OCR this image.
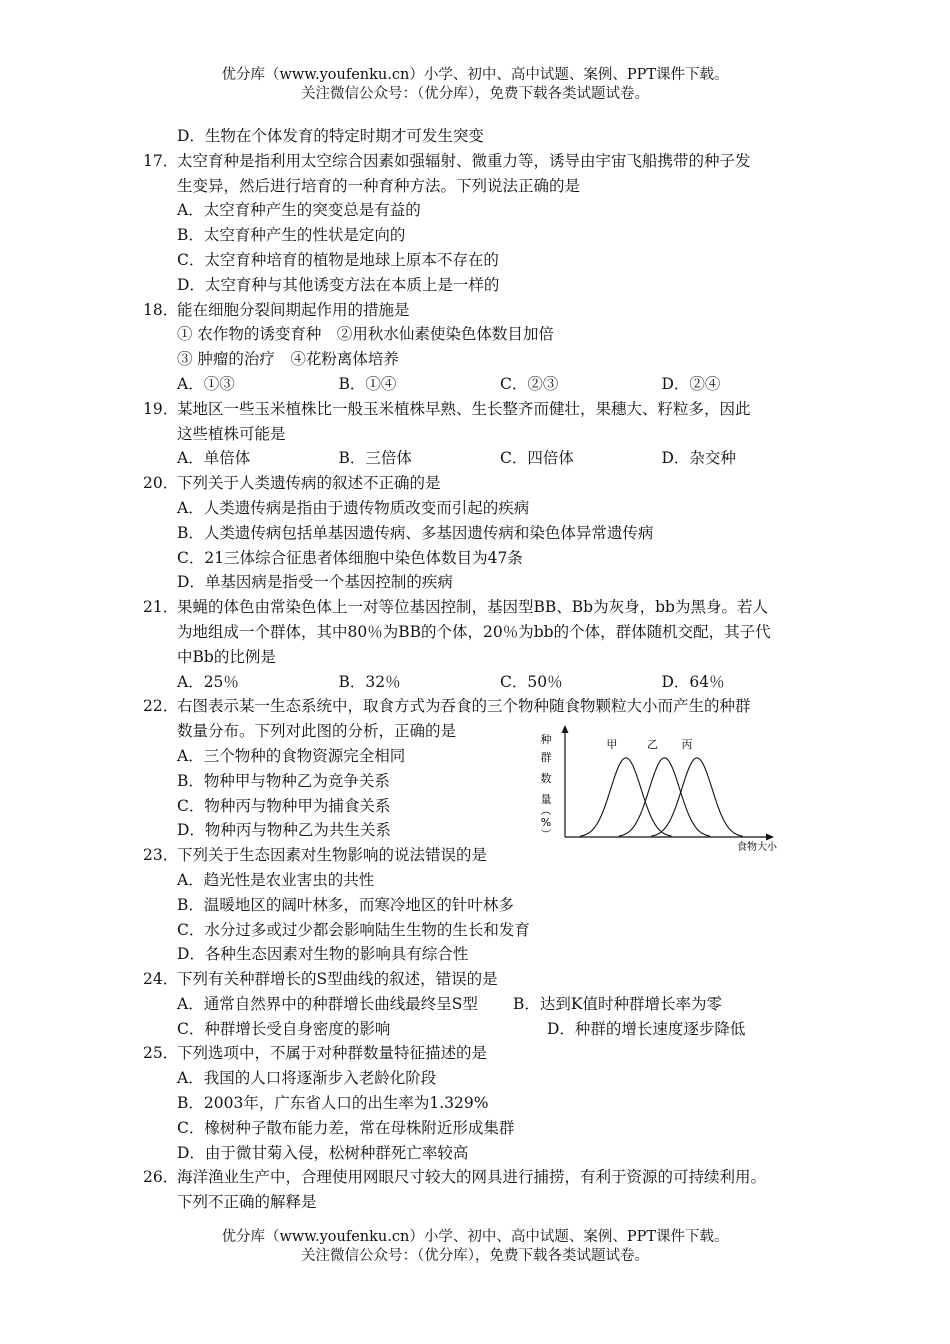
优分库（www.youfenku.cn）小学、初中、高中试题、案例、PPT课件下载。
关注微信公众号：（优分库），免费下载各类试题试卷。
D．生物在个体发育的特定时期才可发生突变
17．太空育种是指利用太空综合因素如强辐射、微重力等，诱导由宇宙飞船携带的种子发
生变异，然后进行培育的一种育种方法。下列说法正确的是
A．太空育种产生的突变总是有益的
B．太空育种产生的性状是定向的
C．太空育种培育的植物是地球上原本不存在的
D．太空育种与其他诱变方法在本质上是一样的
18．能在细胞分裂间期起作用的措施是
① 农作物的诱变育种　②用秋水仙素使染色体数目加倍
③ 肿瘤的治疗　④花粉离体培养
A．①③	B．①④	C．②③	D．②④
19．某地区一些玉米植株比一般玉米植株早熟、生长整齐而健壮，果穗大、籽粒多，因此
这些植株可能是
A．单倍体	B．三倍体	C．四倍体	D．杂交种
20．下列关于人类遗传病的叙述不正确的是
A．人类遗传病是指由于遗传物质改变而引起的疾病
B．人类遗传病包括单基因遗传病、多基因遗传病和染色体异常遗传病
C．21三体综合征患者体细胞中染色体数目为47条
D．单基因病是指受一个基因控制的疾病
21．果蝇的体色由常染色体上一对等位基因控制，基因型BB、Bb为灰身，bb为黑身。若人
为地组成一个群体，其中80％为BB的个体，20％为bb的个体，群体随机交配，其子代
中Bb的比例是
A．25％	B．32％	C．50％	D．64％
22．右图表示某一生态系统中，取食方式为吞食的三个物种随食物颗粒大小而产生的种群
数量分布。下列对此图的分析，正确的是
A．三个物种的食物资源完全相同
B．物种甲与物种乙为竞争关系
C．物种丙与物种甲为捕食关系
D．物种丙与物种乙为共生关系
23．下列关于生态因素对生物影响的说法错误的是
A．趋光性是农业害虫的共性
B．温暖地区的阔叶林多，而寒冷地区的针叶林多
C．水分过多或过少都会影响陆生生物的生长和发育
D．各种生态因素对生物的影响具有综合性
24．下列有关种群增长的S型曲线的叙述，错误的是
A．通常自然界中的种群增长曲线最终呈S型	B．达到K值时种群增长率为零
C．种群增长受自身密度的影响	D．种群的增长速度逐步降低
25．下列选项中，不属于对种群数量特征描述的是
A．我国的人口将逐渐步入老龄化阶段
B．2003年，广东省人口的出生率为1.329%
C．橡树种子散布能力差，常在母株附近形成集群
D．由于微甘菊入侵，松树种群死亡率较高
26．海洋渔业生产中，合理使用网眼尺寸较大的网具进行捕捞，有利于资源的可持续利用。
下列不正确的解释是
种
群
数
量
︵
%
︶
食物大小
甲	乙 丙
优分库（www.youfenku.cn）小学、初中、高中试题、案例、PPT课件下载。
关注微信公众号：（优分库），免费下载各类试题试卷。
